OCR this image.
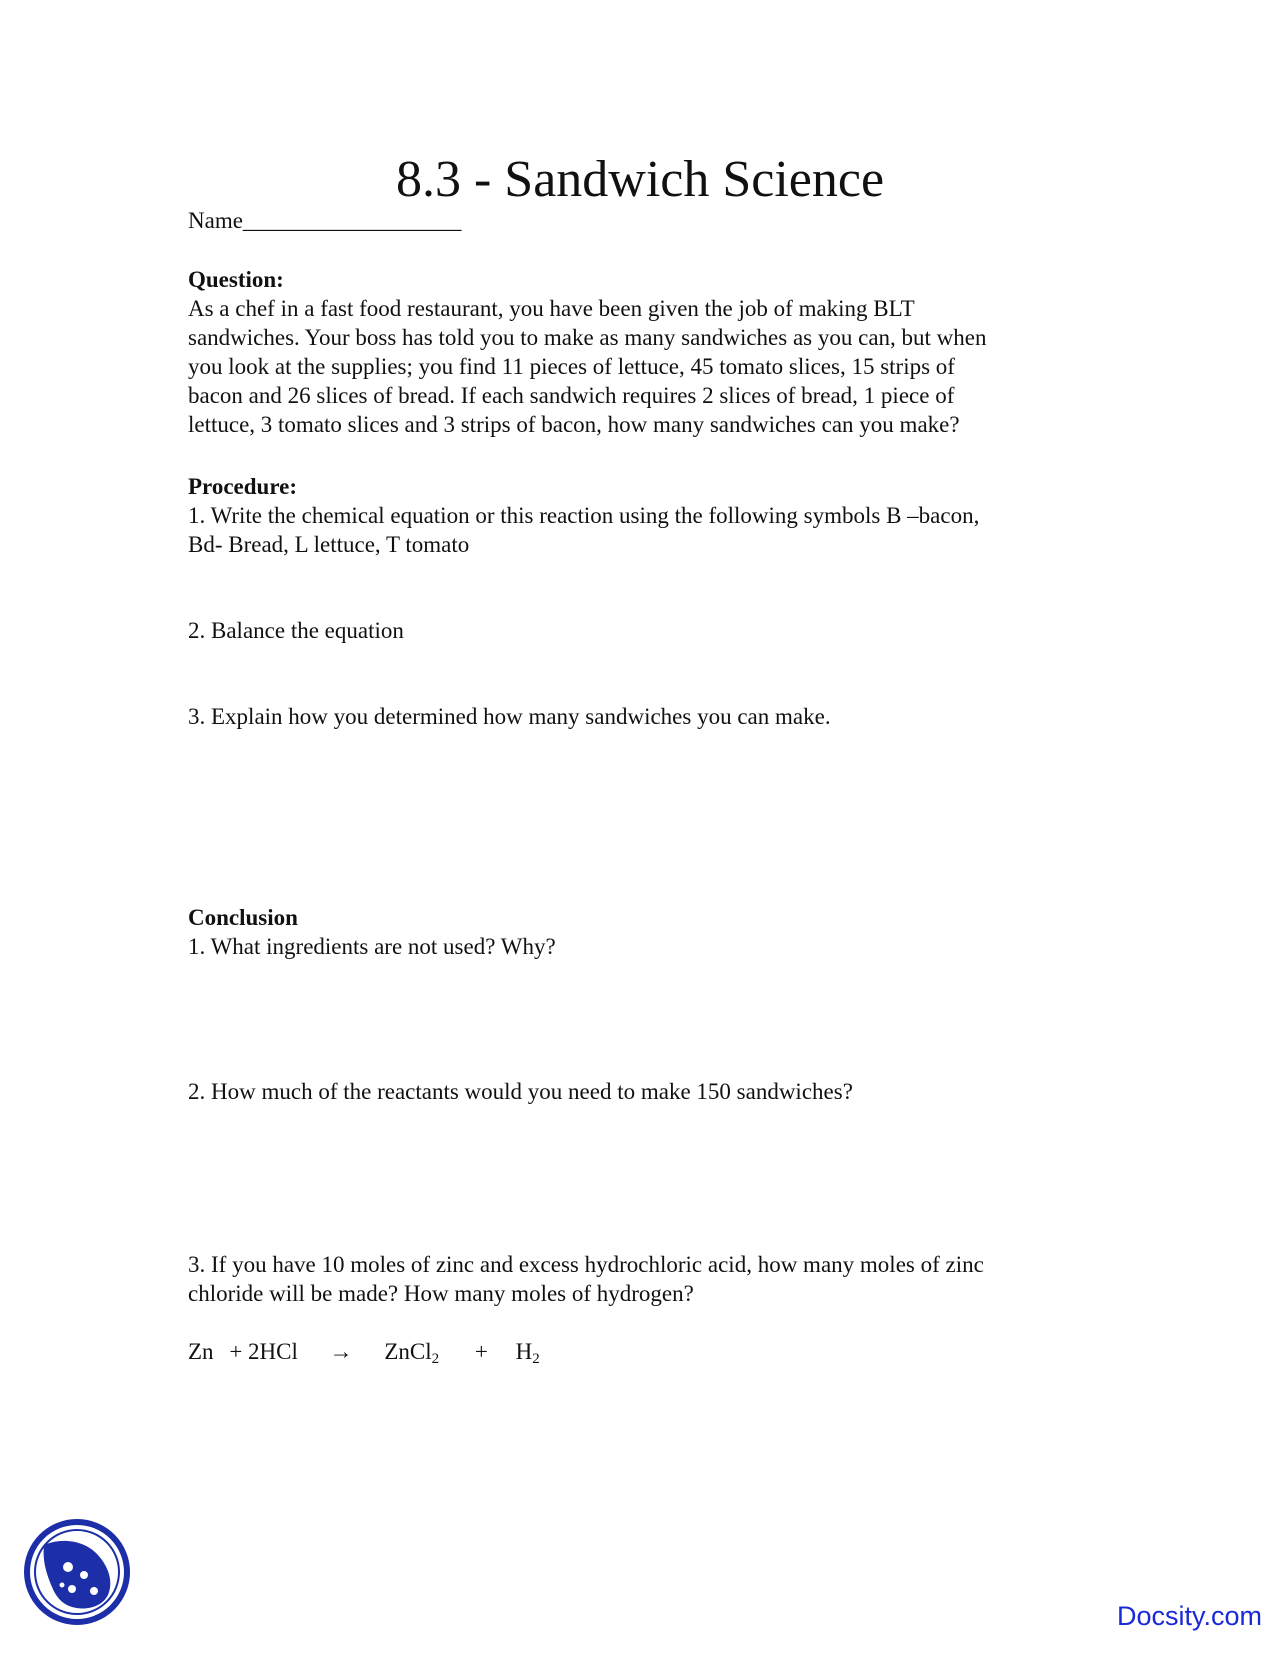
8.3 - Sandwich Science
Name___________________
Question:
As a chef in a fast food restaurant, you have been given the job of making BLT
sandwiches. Your boss has told you to make as many sandwiches as you can, but when
you look at the supplies; you find 11 pieces of lettuce, 45 tomato slices, 15 strips of
bacon and 26 slices of bread. If each sandwich requires 2 slices of bread, 1 piece of
lettuce, 3 tomato slices and 3 strips of bacon, how many sandwiches can you make?
Procedure:
1. Write the chemical equation or this reaction using the following symbols B –bacon,
Bd- Bread, L lettuce, T tomato
2. Balance the equation
3. Explain how you determined how many sandwiches you can make.
Conclusion
1. What ingredients are not used? Why?
2. How much of the reactants would you need to make 150 sandwiches?
3. If you have 10 moles of zinc and excess hydrochloric acid, how many moles of zinc
chloride will be made? How many moles of hydrogen?
Zn + 2HCl → ZnCl$_2$ + $H_2$
Docsity.com
